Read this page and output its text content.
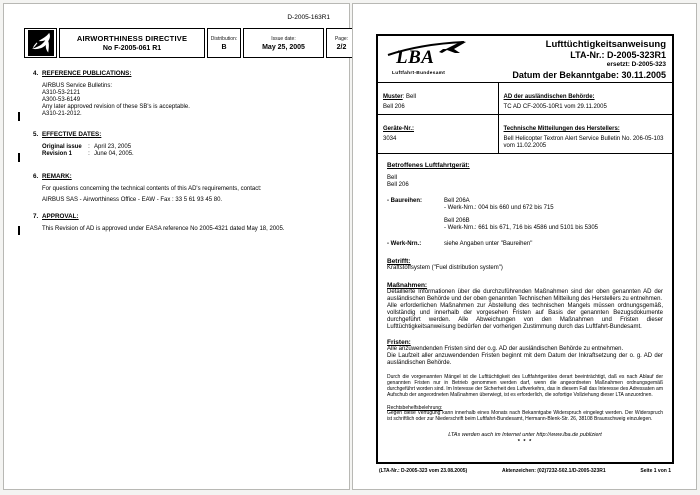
D-2005-163R1
AIRWORTHINESS DIRECTIVE
No F-2005-061 R1
Distribution:
B
Issue date:
May 25, 2005
Page:
2/2
4. REFERENCE PUBLICATIONS:
AIRBUS Service Bulletins:
A310-53-2121
A300-53-6149
Any later approved revision of these SB's is acceptable.
A310-21-2012.
5. EFFECTIVE DATES:
Original issue	: April 23, 2005
Revision 1	: June 04, 2005.
6. REMARK:
For questions concerning the technical contents of this AD's requirements, contact:
AIRBUS SAS - Airworthiness Office - EAW - Fax : 33 5 61 93 45 80.
7. APPROVAL:
This Revision of AD is approved under EASA reference No 2005-4321 dated May 18, 2005.
LBA
Luftfahrt-Bundesamt
Lufttüchtigkeitsanweisung
LTA-Nr.: D-2005-323R1
ersetzt: D-2005-323
Datum der Bekanntgabe: 30.11.2005
Muster: Bell
Bell 206
AD der ausländischen Behörde:
TC AD CF-2005-10R1 vom 29.11.2005
Geräte-Nr.:
3034
Technische Mitteilungen des Herstellers:
Bell Helicopter Textron Alert Service Bulletin No. 206-05-103 vom 11.02.2005
Betroffenes Luftfahrtgerät:
Bell
Bell 206
- Baureihen:	Bell 206A
- Werk-Nrn.: 004 bis 660 und 672 bis 715
Bell 206B
- Werk-Nrn.: 661 bis 671, 716 bis 4586 und 5101 bis 5305
- Werk-Nrn.:	siehe Angaben unter "Baureihen"
Betrifft:
Kraftstoffsystem ("Fuel distribution system")
Maßnahmen:
Detaillierte Informationen über die durchzuführenden Maßnahmen sind der oben genannten AD der ausländischen Behörde und der oben genannten Technischen Mitteilung des Herstellers zu entnehmen.
Alle erforderlichen Maßnahmen zur Abstellung des technischen Mangels müssen ordnungsgemäß, vollständig und innerhalb der vorgesehen Fristen auf Basis der genannten Bezugsdokumente durchgeführt werden. Alle Abweichungen von den Maßnahmen und Fristen dieser Lufttüchtigkeitsanweisung bedürfen der vorherigen Zustimmung durch das Luftfahrt-Bundesamt.
Fristen:
Alle anzuwendenden Fristen sind der o.g. AD der ausländischen Behörde zu entnehmen.
Die Laufzeit aller anzuwendenden Fristen beginnt mit dem Datum der Inkraftsetzung der o. g. AD der ausländischen Behörde.
Durch die vorgenannten Mängel ist die Lufttüchtigkeit des Luftfahrtgerätes derart beeinträchtigt, daß es nach Ablauf der genannten Fristen nur in Betrieb genommen werden darf, wenn die angeordneten Maßnahmen ordnungsgemäß durchgeführt worden sind. Im Interesse der Sicherheit des Luftverkehrs, das in diesem Fall das Interesse des Adressaten am Aufschub der angeordneten Maßnahmen überwiegt, ist es erforderlich, die sofortige Vollziehung dieser LTA anzuordnen.
Rechtsbehelfsbelehrung:
Gegen diese Verfügung kann innerhalb eines Monats nach Bekanntgabe Widerspruch eingelegt werden. Der Widerspruch ist schriftlich oder zur Niederschrift beim Luftfahrt-Bundesamt, Hermann-Blenk-Str. 26, 38108 Braunschweig einzulegen.
LTAs werden auch im Internet unter http://www.lba.de publiziert
* * *
(LTA-Nr.: D-2005-323 vom 23.08.2005)	Aktenzeichen: (02)7232-502.1/D-2005-323R1	Seite 1 von 1
